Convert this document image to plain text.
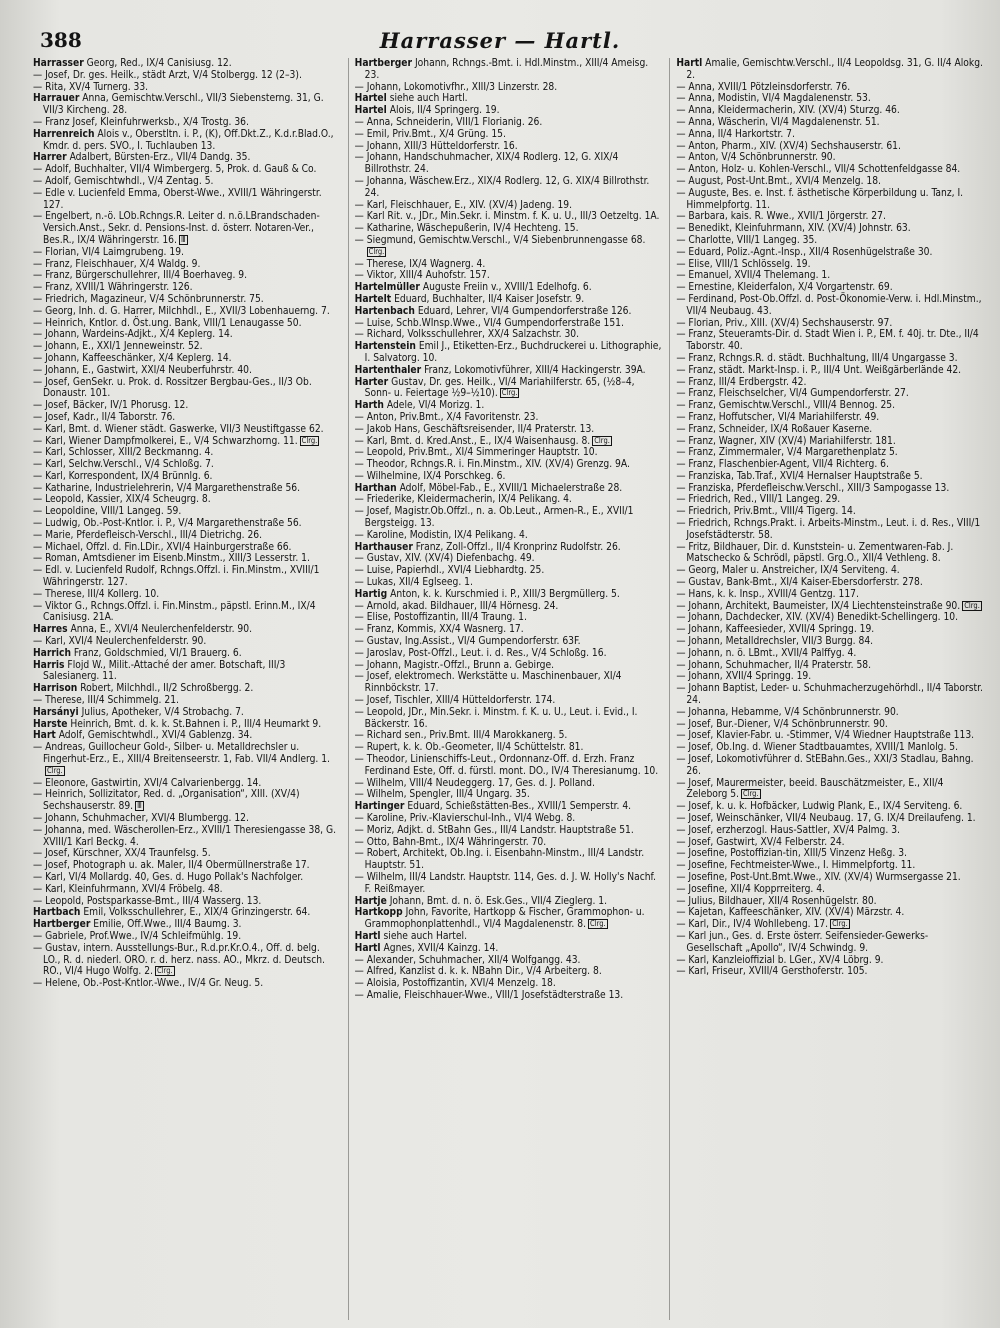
388	Harrasser — Hartl.

Harrasser Georg, Red., IX/4 Canisiusg. 12.

— Josef, Dr. ges. Heilk., städt Arzt, V/4 Stolbergg. 12 (2–3).

— Rita, XV/4 Turnerg. 33.

Harrauer Anna, Gemischtw.Verschl., VII/3 Siebensterng. 31, G. VII/3 Kircheng. 28.

— Franz Josef, Kleinfuhrwerksb., X/4 Trostg. 36.

Harrenreich Alois v., Oberstltn. i. P., (K), Off.Dkt.Z., K.d.r.Blad.O., Kmdr. d. pers. SVO., I. Tuchlauben 13.

Harrer Adalbert, Bürsten-Erz., VII/4 Dandg. 35.

— Adolf, Buchhalter, VII/4 Wimbergerg. 5, Prok. d. Gauß & Co.

— Adolf, Gemischtwhdl., V/4 Zentag. 5.

— Edle v. Lucienfeld Emma, Oberst-Wwe., XVIII/1 Währingerstr. 127.

— Engelbert, n.-ö. LOb.Rchngs.R. Leiter d. n.ö.LBrandschaden-Versich.Anst., Sekr. d. Pensions-Inst. d. österr. Notaren-Ver., Bes.R., IX/4 Währingerstr. 16. Ⅲ

— Florian, VI/4 Laimgrubeng. 19.

— Franz, Fleischhauer, X/4 Waldg. 9.

— Franz, Bürgerschullehrer, III/4 Boerhaveg. 9.

— Franz, XVIII/1 Währingerstr. 126.

— Friedrich, Magazineur, V/4 Schönbrunnerstr. 75.

— Georg, Inh. d. G. Harrer, Milchhdl., E., XVII/3 Lobenhauerng. 7.

— Heinrich, Kntlor. d. Öst.ung. Bank, VIII/1 Lenaugasse 50.

— Johann, Wardeins-Adjkt., X/4 Keplerg. 14.

— Johann, E., XXI/1 Jenneweinstr. 52.

— Johann, Kaffeeschänker, X/4 Keplerg. 14.

— Johann, E., Gastwirt, XXI/4 Neuberfuhrstr. 40.

— Josef, GenSekr. u. Prok. d. Rossitzer Bergbau-Ges., II/3 Ob. Donaustr. 101.

— Josef, Bäcker, IV/1 Phorusg. 12.

— Josef, Kadr., II/4 Taborstr. 76.

— Karl, Bmt. d. Wiener städt. Gaswerke, VII/3 Neustiftgasse 62.

— Karl, Wiener Dampfmolkerei, E., V/4 Schwarzhorng. 11. Clrg.

— Karl, Schlosser, XIII/2 Beckmanng. 4.

— Karl, Selchw.Verschl., V/4 Schloßg. 7.

— Karl, Korrespondent, IX/4 Brünnlg. 6.

— Katharine, Industrielehrerin, V/4 Margarethenstraße 56.

— Leopold, Kassier, XIX/4 Scheugrg. 8.

— Leopoldine, VIII/1 Langeg. 59.

— Ludwig, Ob.-Post-Kntlor. i. P., V/4 Margarethenstraße 56.

— Marie, Pferdefleisch-Verschl., III/4 Dietrichg. 26.

— Michael, Offzl. d. Fin.LDir., XVI/4 Hainburgerstraße 66.

— Roman, Amtsdiener im Eisenb.Minstm., XIII/3 Lesserstr. 1.

— Edl. v. Lucienfeld Rudolf, Rchngs.Offzl. i. Fin.Minstm., XVIII/1 Währingerstr. 127.

— Therese, III/4 Kollerg. 10.

— Viktor G., Rchngs.Offzl. i. Fin.Minstm., päpstl. Erinn.M., IX/4 Canisiusg. 21A.

Harres Anna, E., XVI/4 Neulerchenfelderstr. 90.

— Karl, XVI/4 Neulerchenfelderstr. 90.

Harrich Franz, Goldschmied, VI/1 Brauerg. 6.

Harris Flojd W., Milit.-Attaché der amer. Botschaft, III/3 Salesianerg. 11.

Harrison Robert, Milchhdl., II/2 Schroßbergg. 2.

— Therese, III/4 Schimmelg. 21.

Harsányi Julius, Apotheker, V/4 Strobachg. 7.

Harste Heinrich, Bmt. d. k. k. St.Bahnen i. P., III/4 Heumarkt 9.

Hart Adolf, Gemischtwhdl., XVI/4 Gablenzg. 34.

— Andreas, Guillocheur Gold-, Silber- u. Metalldrechsler u. Fingerhut-Erz., E., XIII/4 Breitenseerstr. 1, Fab. VII/4 Andlerg. 1.Clrg.

— Eleonore, Gastwirtin, XVI/4 Calvarienbergg. 14.

— Heinrich, Sollizitator, Red. d. „Organisation“, XIII. (XV/4) Sechshauserstr. 89. Ⅲ

— Johann, Schuhmacher, XVI/4 Blumbergg. 12.

— Johanna, med. Wäscherollen-Erz., XVIII/1 Theresiengasse 38, G. XVIII/1 Karl Beckg. 4.

— Josef, Kürschner, XX/4 Traunfelsg. 5.

— Josef, Photograph u. ak. Maler, II/4 Obermüllnerstraße 17.

— Karl, VI/4 Mollardg. 40, Ges. d. Hugo Pollak's Nachfolger.

— Karl, Kleinfuhrmann, XVI/4 Fröbelg. 48.

— Leopold, Postsparkasse-Bmt., III/4 Wasserg. 13.

Hartbach Emil, Volksschullehrer, E., XIX/4 Grinzingerstr. 64.

Hartberger Emilie, Off.Wwe., III/4 Baumg. 3.

— Gabriele, Prof.Wwe., IV/4 Schleifmühlg. 19.

— Gustav, intern. Ausstellungs-Bur., R.d.pr.Kr.O.4., Off. d. belg. LO., R. d. niederl. ORO. r. d. herz. nass. AO., Mkrz. d. Deutsch. RO., VI/4 Hugo Wolfg. 2. Clrg.

— Helene, Ob.-Post-Kntlor.-Wwe., IV/4 Gr. Neug. 5.

Hartberger Johann, Rchngs.-Bmt. i. Hdl.Minstm., XIII/4 Ameisg. 23.

— Johann, Lokomotivfhr., XIII/3 Linzerstr. 28.

Hartel siehe auch Hartl.

Hartel Alois, II/4 Springerg. 19.

— Anna, Schneiderin, VIII/1 Florianig. 26.

— Emil, Priv.Bmt., X/4 Grüng. 15.

— Johann, XIII/3 Hütteldorferstr. 16.

— Johann, Handschuhmacher, XIX/4 Rodlerg. 12, G. XIX/4 Billrothstr. 24.

— Johanna, Wäschew.Erz., XIX/4 Rodlerg. 12, G. XIX/4 Billrothstr. 24.

— Karl, Fleischhauer, E., XIV. (XV/4) Jadeng. 19.

— Karl Rit. v., JDr., Min.Sekr. i. Minstm. f. K. u. U., III/3 Oetzeltg. 1A.

— Katharine, Wäschepußerin, IV/4 Hechteng. 15.

— Siegmund, Gemischtw.Verschl., V/4 Siebenbrunnengasse 68.Clrg.

— Therese, IX/4 Wagnerg. 4.

— Viktor, XIII/4 Auhofstr. 157.

Hartelmüller Auguste Freiin v., XVIII/1 Edelhofg. 6.

Hartelt Eduard, Buchhalter, II/4 Kaiser Josefstr. 9.

Hartenbach Eduard, Lehrer, VI/4 Gumpendorferstraße 126.

— Luise, Schb.WInsp.Wwe., VI/4 Gumpendorferstraße 151.

— Richard, Volksschullehrer, XX/4 Salzachstr. 30.

Hartenstein Emil J., Etiketten-Erz., Buchdruckerei u. Lithographie, I. Salvatorg. 10.

Hartenthaler Franz, Lokomotivführer, XIII/4 Hackingerstr. 39A.

Harter Gustav, Dr. ges. Heilk., VI/4 Mariahilferstr. 65, (½8–4, Sonn- u. Feiertage ½9–½10). Clrg.

Harth Adele, VI/4 Morizg. 1.

— Anton, Priv.Bmt., X/4 Favoritenstr. 23.

— Jakob Hans, Geschäftsreisender, II/4 Praterstr. 13.

— Karl, Bmt. d. Kred.Anst., E., IX/4 Waisenhausg. 8. Clrg.

— Leopold, Priv.Bmt., XI/4 Simmeringer Hauptstr. 10.

— Theodor, Rchngs.R. i. Fin.Minstm., XIV. (XV/4) Grenzg. 9A.

— Wilhelmine, IX/4 Porschkeg. 6.

Harthan Adolf, Möbel-Fab., E., XVIII/1 Michaelerstraße 28.

— Friederike, Kleidermacherin, IX/4 Pelikang. 4.

— Josef, Magistr.Ob.Offzl., n. a. Ob.Leut., Armen-R., E., XVII/1 Bergsteigg. 13.

— Karoline, Modistin, IX/4 Pelikang. 4.

Harthauser Franz, Zoll-Offzl., II/4 Kronprinz Rudolfstr. 26.

— Gustav, XIV. (XV/4) Diefenbachg. 49.

— Luise, Papierhdl., XVI/4 Liebhardtg. 25.

— Lukas, XII/4 Eglseeg. 1.

Hartig Anton, k. k. Kurschmied i. P., XIII/3 Bergmüllerg. 5.

— Arnold, akad. Bildhauer, III/4 Hörnesg. 24.

— Elise, Postoffizantin, III/4 Traung. 1.

— Franz, Kommis, XX/4 Wasnerg. 17.

— Gustav, Ing.Assist., VI/4 Gumpendorferstr. 63F.

— Jaroslav, Post-Offzl., Leut. i. d. Res., V/4 Schloßg. 16.

— Johann, Magistr.-Offzl., Brunn a. Gebirge.

— Josef, elektromech. Werkstätte u. Maschinenbauer, XI/4 Rinnböckstr. 17.

— Josef, Tischler, XIII/4 Hütteldorferstr. 174.

— Leopold, JDr., Min.Sekr. i. Minstm. f. K. u. U., Leut. i. Evid., I. Bäckerstr. 16.

— Richard sen., Priv.Bmt. III/4 Marokkanerg. 5.

— Rupert, k. k. Ob.-Geometer, II/4 Schüttelstr. 81.

— Theodor, Linienschiffs-Leut., Ordonnanz-Off. d. Erzh. Franz Ferdinand Este, Off. d. fürstl. mont. DO., IV/4 Theresianumg. 10.

— Wilhelm, VIII/4 Neudeggerg. 17, Ges. d. J. Polland.

— Wilhelm, Spengler, III/4 Ungarg. 35.

Hartinger Eduard, Schießstätten-Bes., XVIII/1 Semperstr. 4.

— Karoline, Priv.-Klavierschul-Inh., VI/4 Webg. 8.

— Moriz, Adjkt. d. StBahn Ges., III/4 Landstr. Hauptstraße 51.

— Otto, Bahn-Bmt., IX/4 Währingerstr. 70.

— Robert, Architekt, Ob.Ing. i. Eisenbahn-Minstm., III/4 Landstr. Hauptstr. 51.

— Wilhelm, III/4 Landstr. Hauptstr. 114, Ges. d. J. W. Holly's Nachf. F. Reißmayer.

Hartje Johann, Bmt. d. n. ö. Esk.Ges., VII/4 Zieglerg. 1.

Hartkopp John, Favorite, Hartkopp & Fischer, Grammophon- u. Grammophonplattenhdl., VI/4 Magdalenenstr. 8. Clrg.

Hartl siehe auch Hartel.

Hartl Agnes, XVII/4 Kainzg. 14.

— Alexander, Schuhmacher, XII/4 Wolfgangg. 43.

— Alfred, Kanzlist d. k. k. NBahn Dir., V/4 Arbeiterg. 8.

— Aloisia, Postoffizantin, XVI/4 Menzelg. 18.

— Amalie, Fleischhauer-Wwe., VIII/1 Josefstädterstraße 13.

Hartl Amalie, Gemischtw.Verschl., II/4 Leopoldsg. 31, G. II/4 Alokg. 2.

— Anna, XVIII/1 Pötzleinsdorferstr. 76.

— Anna, Modistin, VI/4 Magdalenenstr. 53.

— Anna, Kleidermacherin, XIV. (XV/4) Sturzg. 46.

— Anna, Wäscherin, VI/4 Magdalenenstr. 51.

— Anna, II/4 Harkortstr. 7.

— Anton, Pharm., XIV. (XV/4) Sechshauserstr. 61.

— Anton, V/4 Schönbrunnerstr. 90.

— Anton, Holz- u. Kohlen-Verschl., VII/4 Schottenfeldgasse 84.

— August, Post-Unt.Bmt., XVI/4 Menzelg. 18.

— Auguste, Bes. e. Inst. f. ästhetische Körperbildung u. Tanz, I. Himmelpfortg. 11.

— Barbara, kais. R. Wwe., XVII/1 Jörgerstr. 27.

— Benedikt, Kleinfuhrmann, XIV. (XV/4) Johnstr. 63.

— Charlotte, VIII/1 Langeg. 35.

— Eduard, Poliz.-Agnt.-Insp., XII/4 Rosenhügelstraße 30.

— Elise, VIII/1 Schlösselg. 19.

— Emanuel, XVII/4 Thelemang. 1.

— Ernestine, Kleiderfalon, X/4 Vorgartenstr. 69.

— Ferdinand, Post-Ob.Offzl. d. Post-Ökonomie-Verw. i. Hdl.Minstm., VII/4 Neubaug. 43.

— Florian, Priv., XIII. (XV/4) Sechshauserstr. 97.

— Franz, Steueramts-Dir. d. Stadt Wien i. P., EM. f. 40j. tr. Dte., II/4 Taborstr. 40.

— Franz, Rchngs.R. d. städt. Buchhaltung, III/4 Ungargasse 3.

— Franz, städt. Markt-Insp. i. P., III/4 Unt. Weißgärberlände 42.

— Franz, III/4 Erdbergstr. 42.

— Franz, Fleischselcher, VI/4 Gumpendorferstr. 27.

— Franz, Gemischtw.Verschl., VIII/4 Bennog. 25.

— Franz, Hoffutscher, VI/4 Mariahilferstr. 49.

— Franz, Schneider, IX/4 Roßauer Kaserne.

— Franz, Wagner, XIV (XV/4) Mariahilferstr. 181.

— Franz, Zimmermaler, V/4 Margarethenplatz 5.

— Franz, Flaschenbier-Agent, VII/4 Richterg. 6.

— Franziska, Tab.Traf., XVI/4 Hernalser Hauptstraße 5.

— Franziska, Pferdefleischw.Verschl., XIII/3 Sampogasse 13.

— Friedrich, Red., VIII/1 Langeg. 29.

— Friedrich, Priv.Bmt., VIII/4 Tigerg. 14.

— Friedrich, Rchngs.Prakt. i. Arbeits-Minstm., Leut. i. d. Res., VIII/1 Josefstädterstr. 58.

— Fritz, Bildhauer, Dir. d. Kunststein- u. Zementwaren-Fab. J. Matschecko & Schrödl, päpstl. Grg.O., XII/4 Vethleng. 8.

— Georg, Maler u. Anstreicher, IX/4 Serviteng. 4.

— Gustav, Bank-Bmt., XI/4 Kaiser-Ebersdorferstr. 278.

— Hans, k. k. Insp., XVIII/4 Gentzg. 117.

— Johann, Architekt, Baumeister, IX/4 Liechtensteinstraße 90. Clrg.

— Johann, Dachdecker, XIV. (XV/4) Benedikt-Schellingerg. 10.

— Johann, Kaffeesieder, XVII/4 Springg. 19.

— Johann, Metalldrechsler, VII/3 Burgg. 84.

— Johann, n. ö. LBmt., XVII/4 Palffyg. 4.

— Johann, Schuhmacher, II/4 Praterstr. 58.

— Johann, XVII/4 Springg. 19.

— Johann Baptist, Leder- u. Schuhmacherzugehörhdl., II/4 Taborstr. 24.

— Johanna, Hebamme, V/4 Schönbrunnerstr. 90.

— Josef, Bur.-Diener, V/4 Schönbrunnerstr. 90.

— Josef, Klavier-Fabr. u. -Stimmer, V/4 Wiedner Hauptstraße 113.

— Josef, Ob.Ing. d. Wiener Stadtbauamtes, XVIII/1 Manlolg. 5.

— Josef, Lokomotivführer d. StEBahn.Ges., XXI/3 Stadlau, Bahng. 26.

— Josef, Maurermeister, beeid. Bauschätzmeister, E., XII/4 Zeleborg 5. Clrg.

— Josef, k. u. k. Hofbäcker, Ludwig Plank, E., IX/4 Serviteng. 6.

— Josef, Weinschänker, VII/4 Neubaug. 17, G. IX/4 Dreilaufeng. 1.

— Josef, erzherzogl. Haus-Sattler, XV/4 Palmg. 3.

— Josef, Gastwirt, XV/4 Felberstr. 24.

— Josefine, Postoffizian-tin, XIII/5 Vinzenz Heßg. 3.

— Josefine, Fechtmeister-Wwe., I. Himmelpfortg. 11.

— Josefine, Post-Unt.Bmt.Wwe., XIV. (XV/4) Wurmsergasse 21.

— Josefine, XII/4 Kopprreiterg. 4.

— Julius, Bildhauer, XII/4 Rosenhügelstr. 80.

— Kajetan, Kaffeeschänker, XIV. (XV/4) Märzstr. 4.

— Karl, Dir., IV/4 Wohllebeng. 17. Clrg.

— Karl jun., Ges. d. Erste österr. Seifensieder-Gewerks-Gesellschaft „Apollo“, IV/4 Schwindg. 9.

— Karl, Kanzleioffizial b. LGer., XV/4 Löbrg. 9.

— Karl, Friseur, XVIII/4 Gersthoferstr. 105.
